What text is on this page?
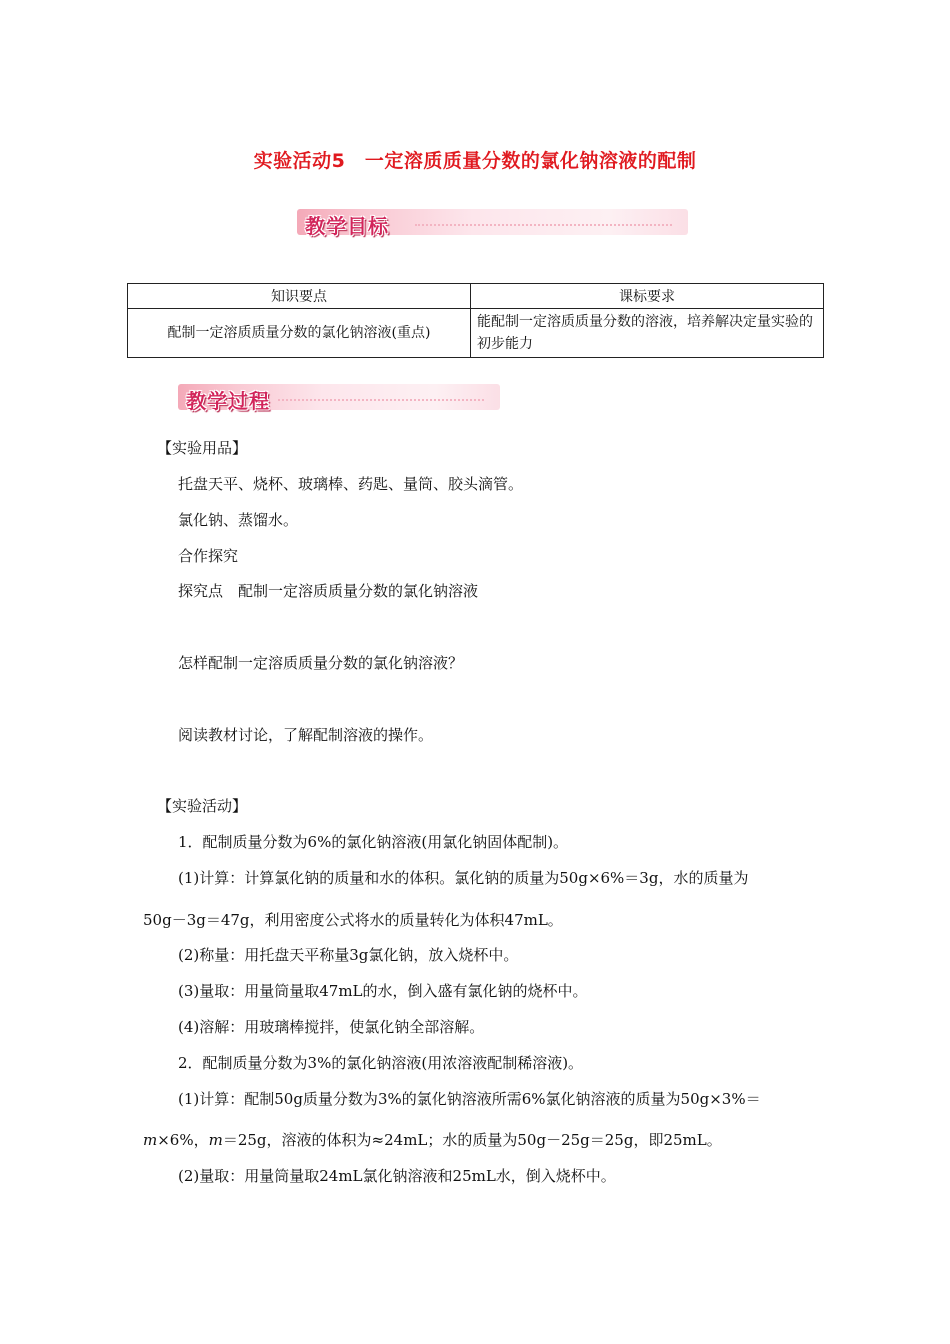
实验活动5　一定溶质质量分数的氯化钠溶液的配制
教学目标
知识要点	课标要求
配制一定溶质质量分数的氯化钠溶液(重点)	能配制一定溶质质量分数的溶液，培养解决定量实验的初步能力
教学过程
【实验用品】
托盘天平、烧杯、玻璃棒、药匙、量筒、胶头滴管。
氯化钠、蒸馏水。
合作探究
探究点　配制一定溶质质量分数的氯化钠溶液
怎样配制一定溶质质量分数的氯化钠溶液？
阅读教材讨论，了解配制溶液的操作。
【实验活动】
1．配制质量分数为6%的氯化钠溶液(用氯化钠固体配制)。
(1)计算：计算氯化钠的质量和水的体积。氯化钠的质量为50g×6%＝3g，水的质量为
50g－3g＝47g，利用密度公式将水的质量转化为体积47mL。
(2)称量：用托盘天平称量3g氯化钠，放入烧杯中。
(3)量取：用量筒量取47mL的水，倒入盛有氯化钠的烧杯中。
(4)溶解：用玻璃棒搅拌，使氯化钠全部溶解。
2．配制质量分数为3%的氯化钠溶液(用浓溶液配制稀溶液)。
(1)计算：配制50g质量分数为3%的氯化钠溶液所需6%氯化钠溶液的质量为50g×3%＝
m×6%，m＝25g，溶液的体积为≈24mL；水的质量为50g－25g＝25g，即25mL。
(2)量取：用量筒量取24mL氯化钠溶液和25mL水，倒入烧杯中。
